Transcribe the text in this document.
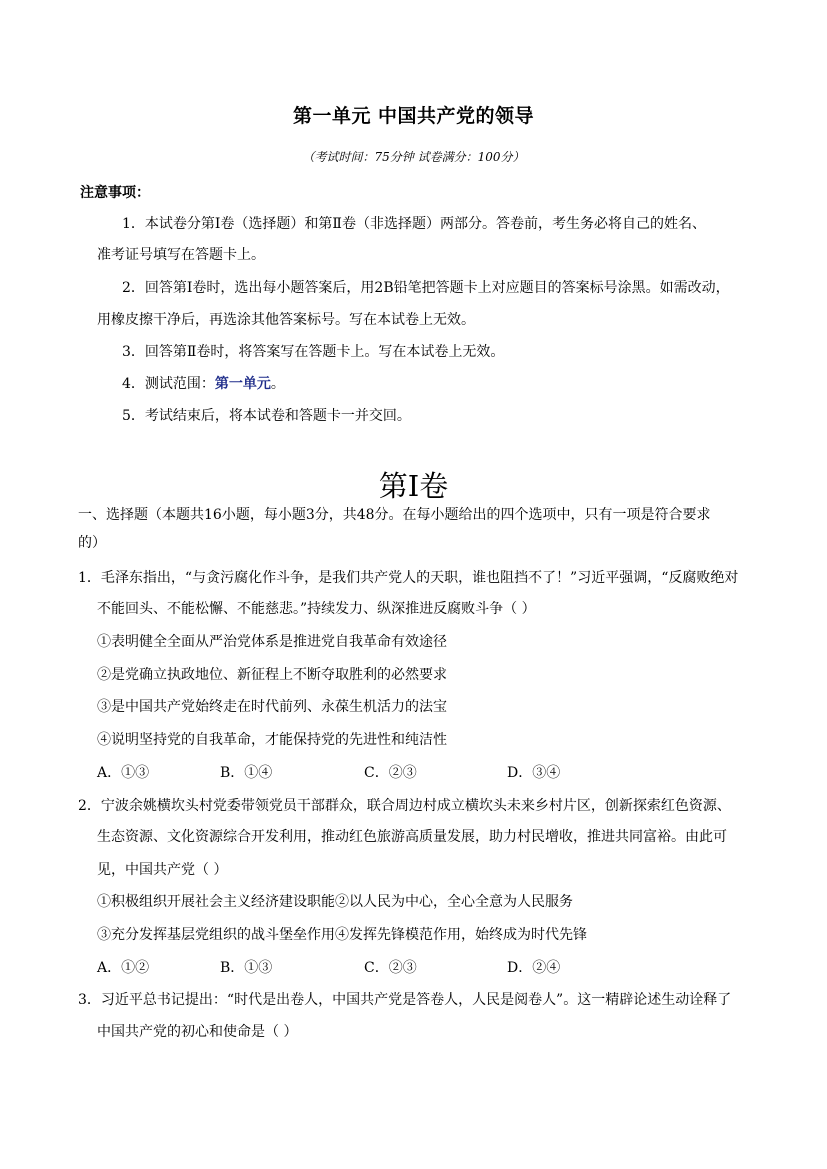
第一单元 中国共产党的领导
（考试时间：75分钟 试卷满分：100分）
注意事项：
1．本试卷分第Ⅰ卷（选择题）和第Ⅱ卷（非选择题）两部分。答卷前，考生务必将自己的姓名、
准考证号填写在答题卡上。
2．回答第Ⅰ卷时，选出每小题答案后，用2B铅笔把答题卡上对应题目的答案标号涂黑。如需改动，
用橡皮擦干净后，再选涂其他答案标号。写在本试卷上无效。
3．回答第Ⅱ卷时，将答案写在答题卡上。写在本试卷上无效。
4．测试范围：第一单元。
5．考试结束后，将本试卷和答题卡一并交回。
第I卷
一、选择题（本题共16小题，每小题3分，共48分。在每小题给出的四个选项中，只有一项是符合要求
的）
1．毛泽东指出，“与贪污腐化作斗争，是我们共产党人的天职，谁也阻挡不了！”习近平强调，“反腐败绝对
不能回头、不能松懈、不能慈悲。”持续发力、纵深推进反腐败斗争（ ）
①表明健全全面从严治党体系是推进党自我革命有效途径
②是党确立执政地位、新征程上不断夺取胜利的必然要求
③是中国共产党始终走在时代前列、永葆生机活力的法宝
④说明坚持党的自我革命，才能保持党的先进性和纯洁性
A．①③	B．①④	C．②③	D．③④
2．宁波余姚横坎头村党委带领党员干部群众，联合周边村成立横坎头未来乡村片区，创新探索红色资源、
生态资源、文化资源综合开发利用，推动红色旅游高质量发展，助力村民增收，推进共同富裕。由此可
见，中国共产党（ ）
①积极组织开展社会主义经济建设职能②以人民为中心，全心全意为人民服务
③充分发挥基层党组织的战斗堡垒作用④发挥先锋模范作用，始终成为时代先锋
A．①②	B．①③	C．②③	D．②④
3．习近平总书记提出：“时代是出卷人，中国共产党是答卷人，人民是阅卷人”。这一精辟论述生动诠释了
中国共产党的初心和使命是（ ）
